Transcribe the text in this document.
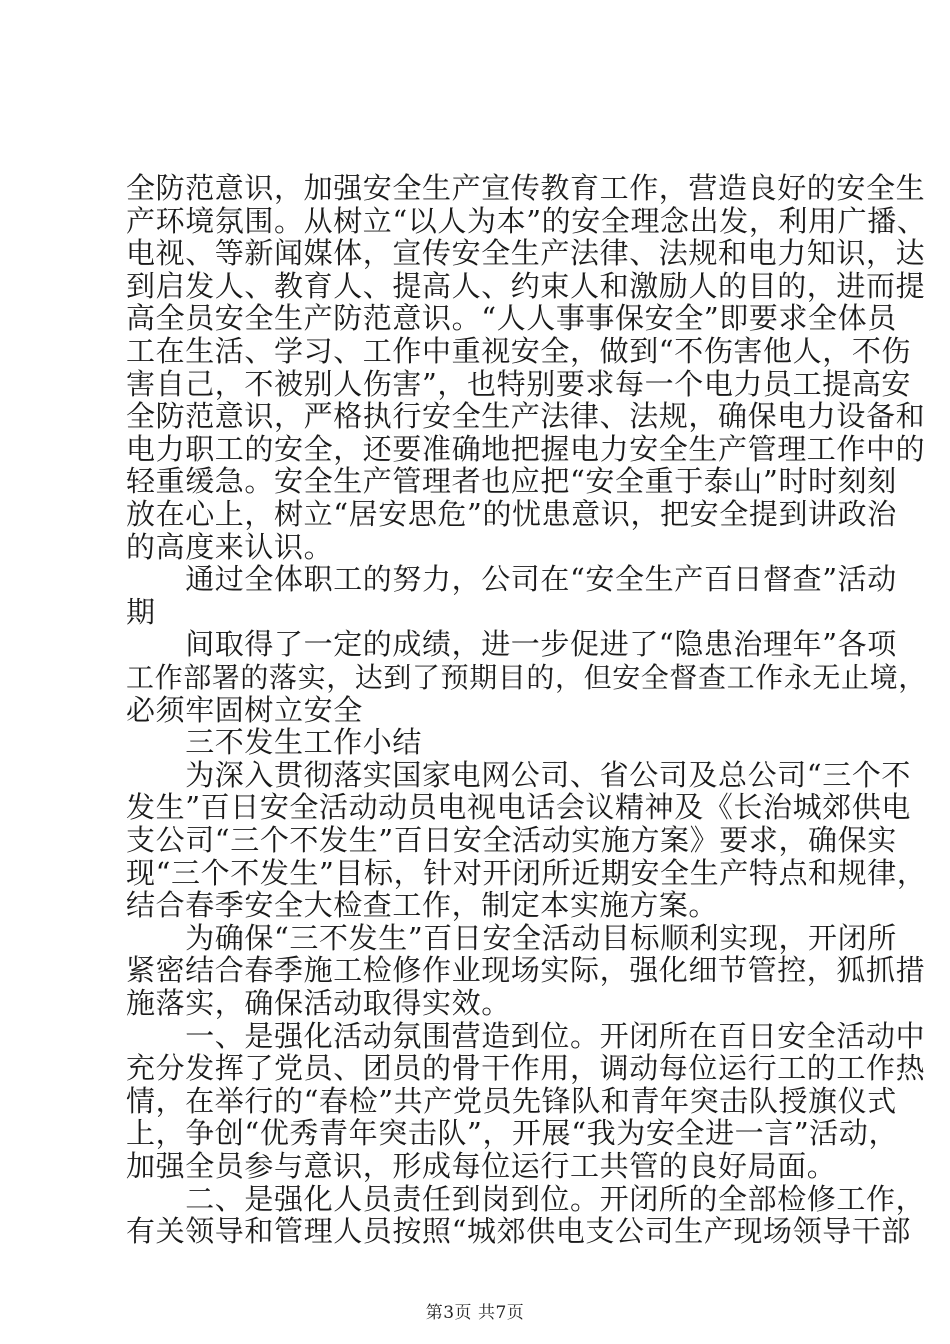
全防范意识，加强安全生产宣传教育工作，营造良好的安全生
产环境氛围。从树立“以人为本”的安全理念出发，利用广播、
电视、等新闻媒体，宣传安全生产法律、法规和电力知识，达
到启发人、教育人、提高人、约束人和激励人的目的，进而提
高全员安全生产防范意识。“人人事事保安全”即要求全体员
工在生活、学习、工作中重视安全，做到“不伤害他人，不伤
害自己，不被别人伤害”，也特别要求每一个电力员工提高安
全防范意识，严格执行安全生产法律、法规，确保电力设备和
电力职工的安全，还要准确地把握电力安全生产管理工作中的
轻重缓急。安全生产管理者也应把“安全重于泰山”时时刻刻
放在心上，树立“居安思危”的忧患意识，把安全提到讲政治
的高度来认识。
　　通过全体职工的努力，公司在“安全生产百日督查”活动
期
　　间取得了一定的成绩，进一步促进了“隐患治理年”各项
工作部署的落实，达到了预期目的，但安全督查工作永无止境，
必须牢固树立安全
　　三不发生工作小结
　　为深入贯彻落实国家电网公司、省公司及总公司“三个不
发生”百日安全活动动员电视电话会议精神及《长治城郊供电
支公司“三个不发生”百日安全活动实施方案》要求，确保实
现“三个不发生”目标，针对开闭所近期安全生产特点和规律，
结合春季安全大检查工作，制定本实施方案。
　　为确保“三不发生”百日安全活动目标顺利实现，开闭所
紧密结合春季施工检修作业现场实际，强化细节管控，狐抓措
施落实，确保活动取得实效。
　　一、是强化活动氛围营造到位。开闭所在百日安全活动中
充分发挥了党员、团员的骨干作用，调动每位运行工的工作热
情，在举行的“春检”共产党员先锋队和青年突击队授旗仪式
上，争创“优秀青年突击队”，开展“我为安全进一言”活动，
加强全员参与意识，形成每位运行工共管的良好局面。
　　二、是强化人员责任到岗到位。开闭所的全部检修工作，
有关领导和管理人员按照“城郊供电支公司生产现场领导干部
第3页 共7页
